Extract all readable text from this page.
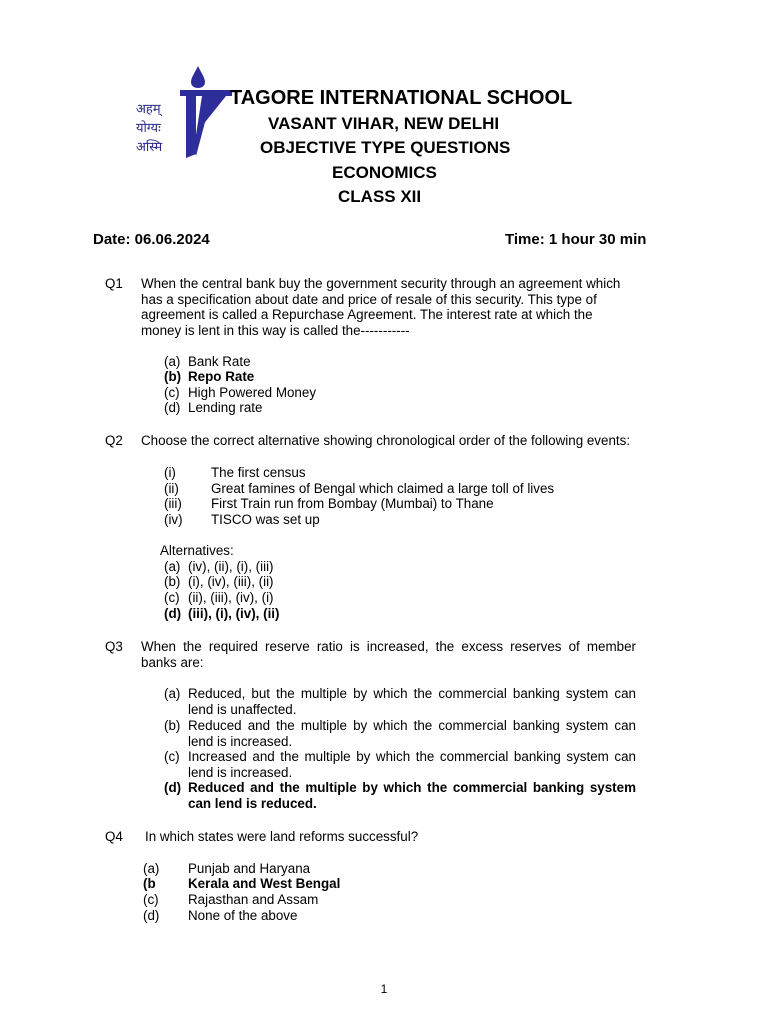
अहम्
योग्यः
अस्मि
TAGORE INTERNATIONAL SCHOOL
VASANT VIHAR, NEW DELHI
OBJECTIVE TYPE QUESTIONS
ECONOMICS
CLASS XII
Date: 06.06.2024	Time: 1 hour 30 min
Q1 When the central bank buy the government security through an agreement which has a specification about date and price of resale of this security. This type of agreement is called a Repurchase Agreement. The interest rate at which the money is lent in this way is called the-----------
(a) Bank Rate
(b) Repo Rate
(c) High Powered Money
(d) Lending rate
Q2 Choose the correct alternative showing chronological order of the following events:
(i)	The first census
(ii) Great famines of Bengal which claimed a large toll of lives
(iii) First Train run from Bombay (Mumbai) to Thane
(iv) TISCO was set up
Alternatives:
(a) (iv), (ii), (i), (iii)
(b) (i), (iv), (iii), (ii)
(c) (ii), (iii), (iv), (i)
(d) (iii), (i), (iv), (ii)
Q3 When the required reserve ratio is increased, the excess reserves of member banks are:
(a) Reduced, but the multiple by which the commercial banking system can lend is unaffected.
(b) Reduced and the multiple by which the commercial banking system can lend is increased.
(c) Increased and the multiple by which the commercial banking system can lend is increased.
(d) Reduced and the multiple by which the commercial banking system can lend is reduced.
Q4 In which states were land reforms successful?
(a) Punjab and Haryana
(b Kerala and West Bengal
(c) Rajasthan and Assam
(d) None of the above
1
